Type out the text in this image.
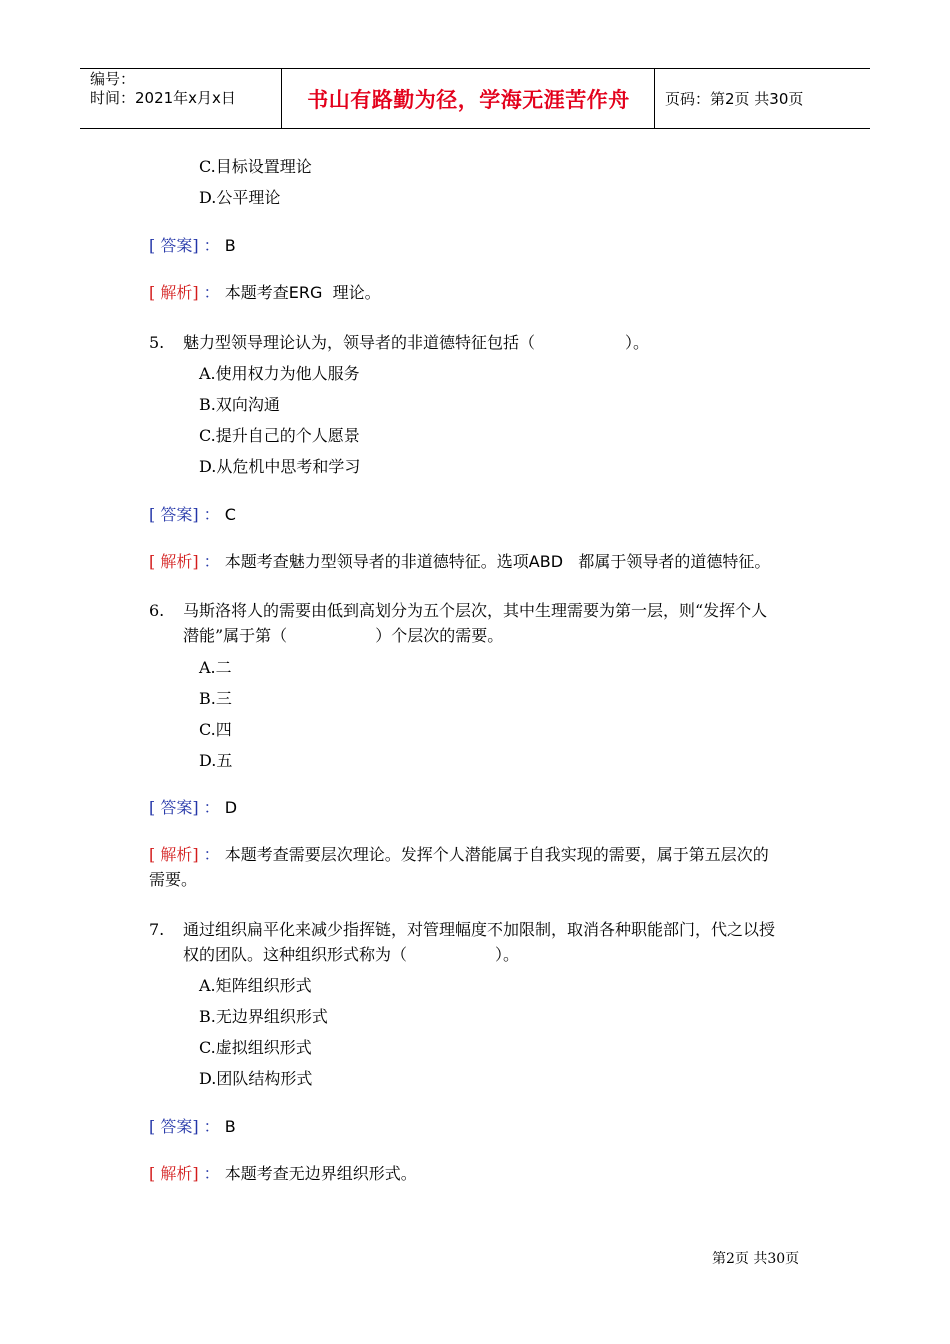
编号：
时间：2021年x月x日	书山有路勤为径，学海无涯苦作舟	页码：第2页 共30页
C.目标设置理论
D.公平理论
[ 答案] ： B
[ 解析] ： 本题考查ERG 理论。
5. 魅力型领导理论认为，领导者的非道德特征包括（	）。
A.使用权力为他人服务
B.双向沟通
C.提升自己的个人愿景
D.从危机中思考和学习
[ 答案] ： C
[ 解析] ： 本题考查魅力型领导者的非道德特征。选项ABD 都属于领导者的道德特征。
6. 马斯洛将人的需要由低到高划分为五个层次，其中生理需要为第一层，则“发挥个人
潜能”属于第（	）个层次的需要。
A.二
B.三
C.四
D.五
[ 答案] ： D
[ 解析] ： 本题考查需要层次理论。发挥个人潜能属于自我实现的需要，属于第五层次的
需要。
7. 通过组织扁平化来减少指挥链，对管理幅度不加限制，取消各种职能部门，代之以授
权的团队。这种组织形式称为（	）。
A.矩阵组织形式
B.无边界组织形式
C.虚拟组织形式
D.团队结构形式
[ 答案] ： B
[ 解析] ： 本题考查无边界组织形式。
第2页 共30页
